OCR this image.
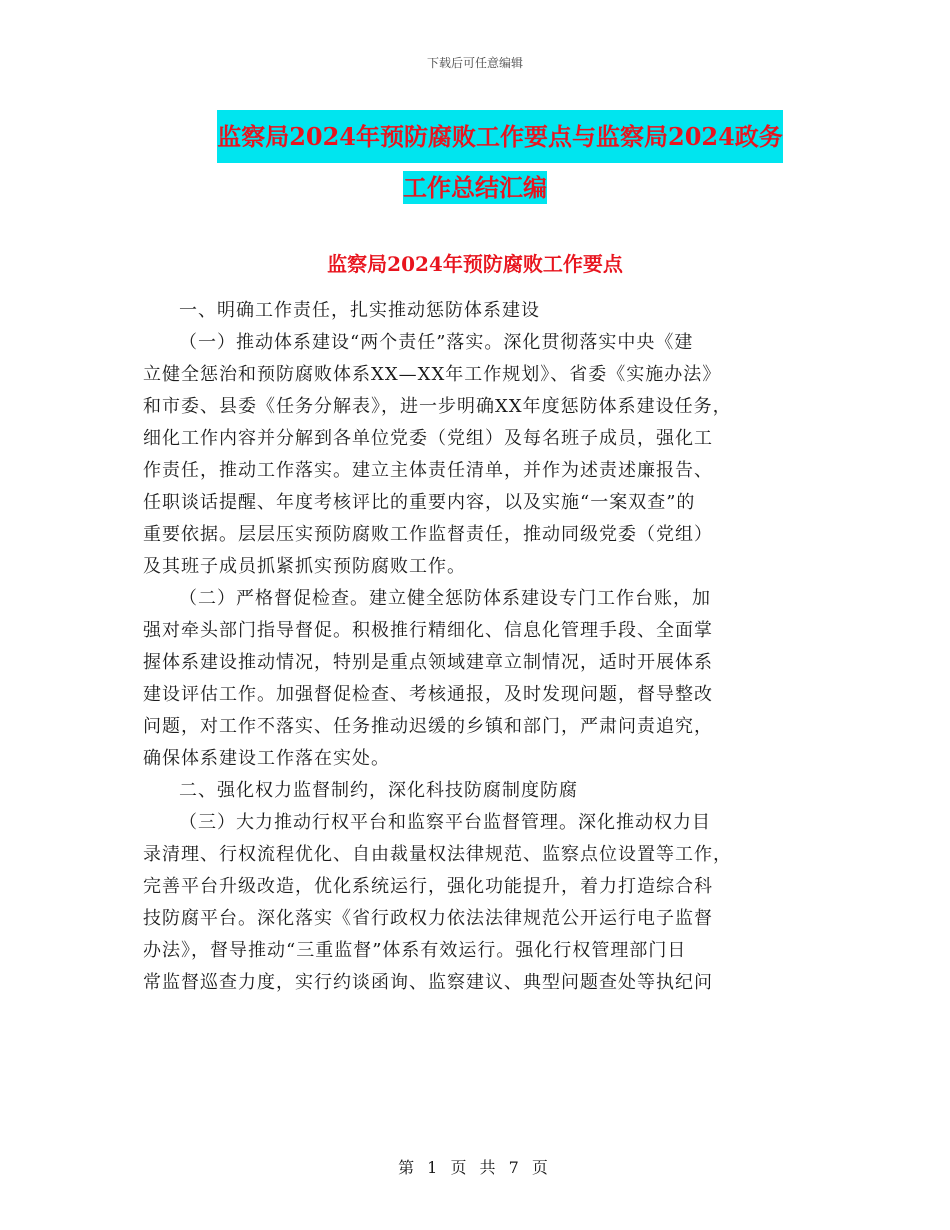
下载后可任意编辑
监察局2024年预防腐败工作要点与监察局2024政务
工作总结汇编
监察局2024年预防腐败工作要点

一、明确工作责任，扎实推动惩防体系建设

（一）推动体系建设“两个责任”落实。深化贯彻落实中央《建
立健全惩治和预防腐败体系XX—XX年工作规划》、省委《实施办法》
和市委、县委《任务分解表》，进一步明确XX年度惩防体系建设任务，
细化工作内容并分解到各单位党委（党组）及每名班子成员，强化工
作责任，推动工作落实。建立主体责任清单，并作为述责述廉报告、
任职谈话提醒、年度考核评比的重要内容，以及实施“一案双查”的
重要依据。层层压实预防腐败工作监督责任，推动同级党委（党组）
及其班子成员抓紧抓实预防腐败工作。

（二）严格督促检查。建立健全惩防体系建设专门工作台账，加
强对牵头部门指导督促。积极推行精细化、信息化管理手段、全面掌
握体系建设推动情况，特别是重点领域建章立制情况，适时开展体系
建设评估工作。加强督促检查、考核通报，及时发现问题，督导整改
问题，对工作不落实、任务推动迟缓的乡镇和部门，严肃问责追究，
确保体系建设工作落在实处。

二、强化权力监督制约，深化科技防腐制度防腐

（三）大力推动行权平台和监察平台监督管理。深化推动权力目
录清理、行权流程优化、自由裁量权法律规范、监察点位设置等工作，
完善平台升级改造，优化系统运行，强化功能提升，着力打造综合科
技防腐平台。深化落实《省行政权力依法法律规范公开运行电子监督
办法》，督导推动“三重监督”体系有效运行。强化行权管理部门日
常监督巡查力度，实行约谈函询、监察建议、典型问题查处等执纪问

第 1 页 共 7 页
